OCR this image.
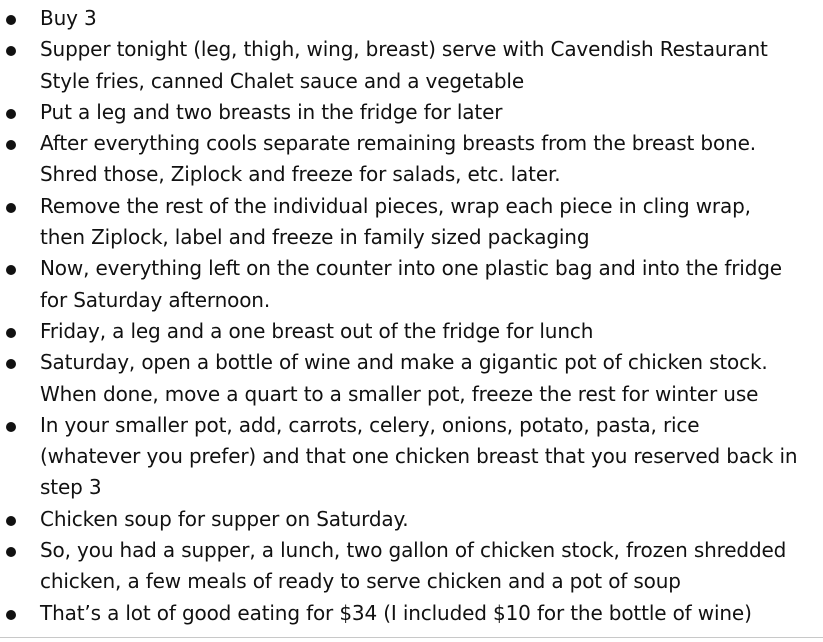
Buy 3
Supper tonight (leg, thigh, wing, breast) serve with Cavendish Restaurant
Style fries, canned Chalet sauce and a vegetable
Put a leg and two breasts in the fridge for later
After everything cools separate remaining breasts from the breast bone.
Shred those, Ziplock and freeze for salads, etc. later.
Remove the rest of the individual pieces, wrap each piece in cling wrap,
then Ziplock, label and freeze in family sized packaging
Now, everything left on the counter into one plastic bag and into the fridge
for Saturday afternoon.
Friday, a leg and a one breast out of the fridge for lunch
Saturday, open a bottle of wine and make a gigantic pot of chicken stock.
When done, move a quart to a smaller pot, freeze the rest for winter use
In your smaller pot, add, carrots, celery, onions, potato, pasta, rice
(whatever you prefer) and that one chicken breast that you reserved back in
step 3
Chicken soup for supper on Saturday.
So, you had a supper, a lunch, two gallon of chicken stock, frozen shredded
chicken, a few meals of ready to serve chicken and a pot of soup
That’s a lot of good eating for $34 (I included $10 for the bottle of wine)
